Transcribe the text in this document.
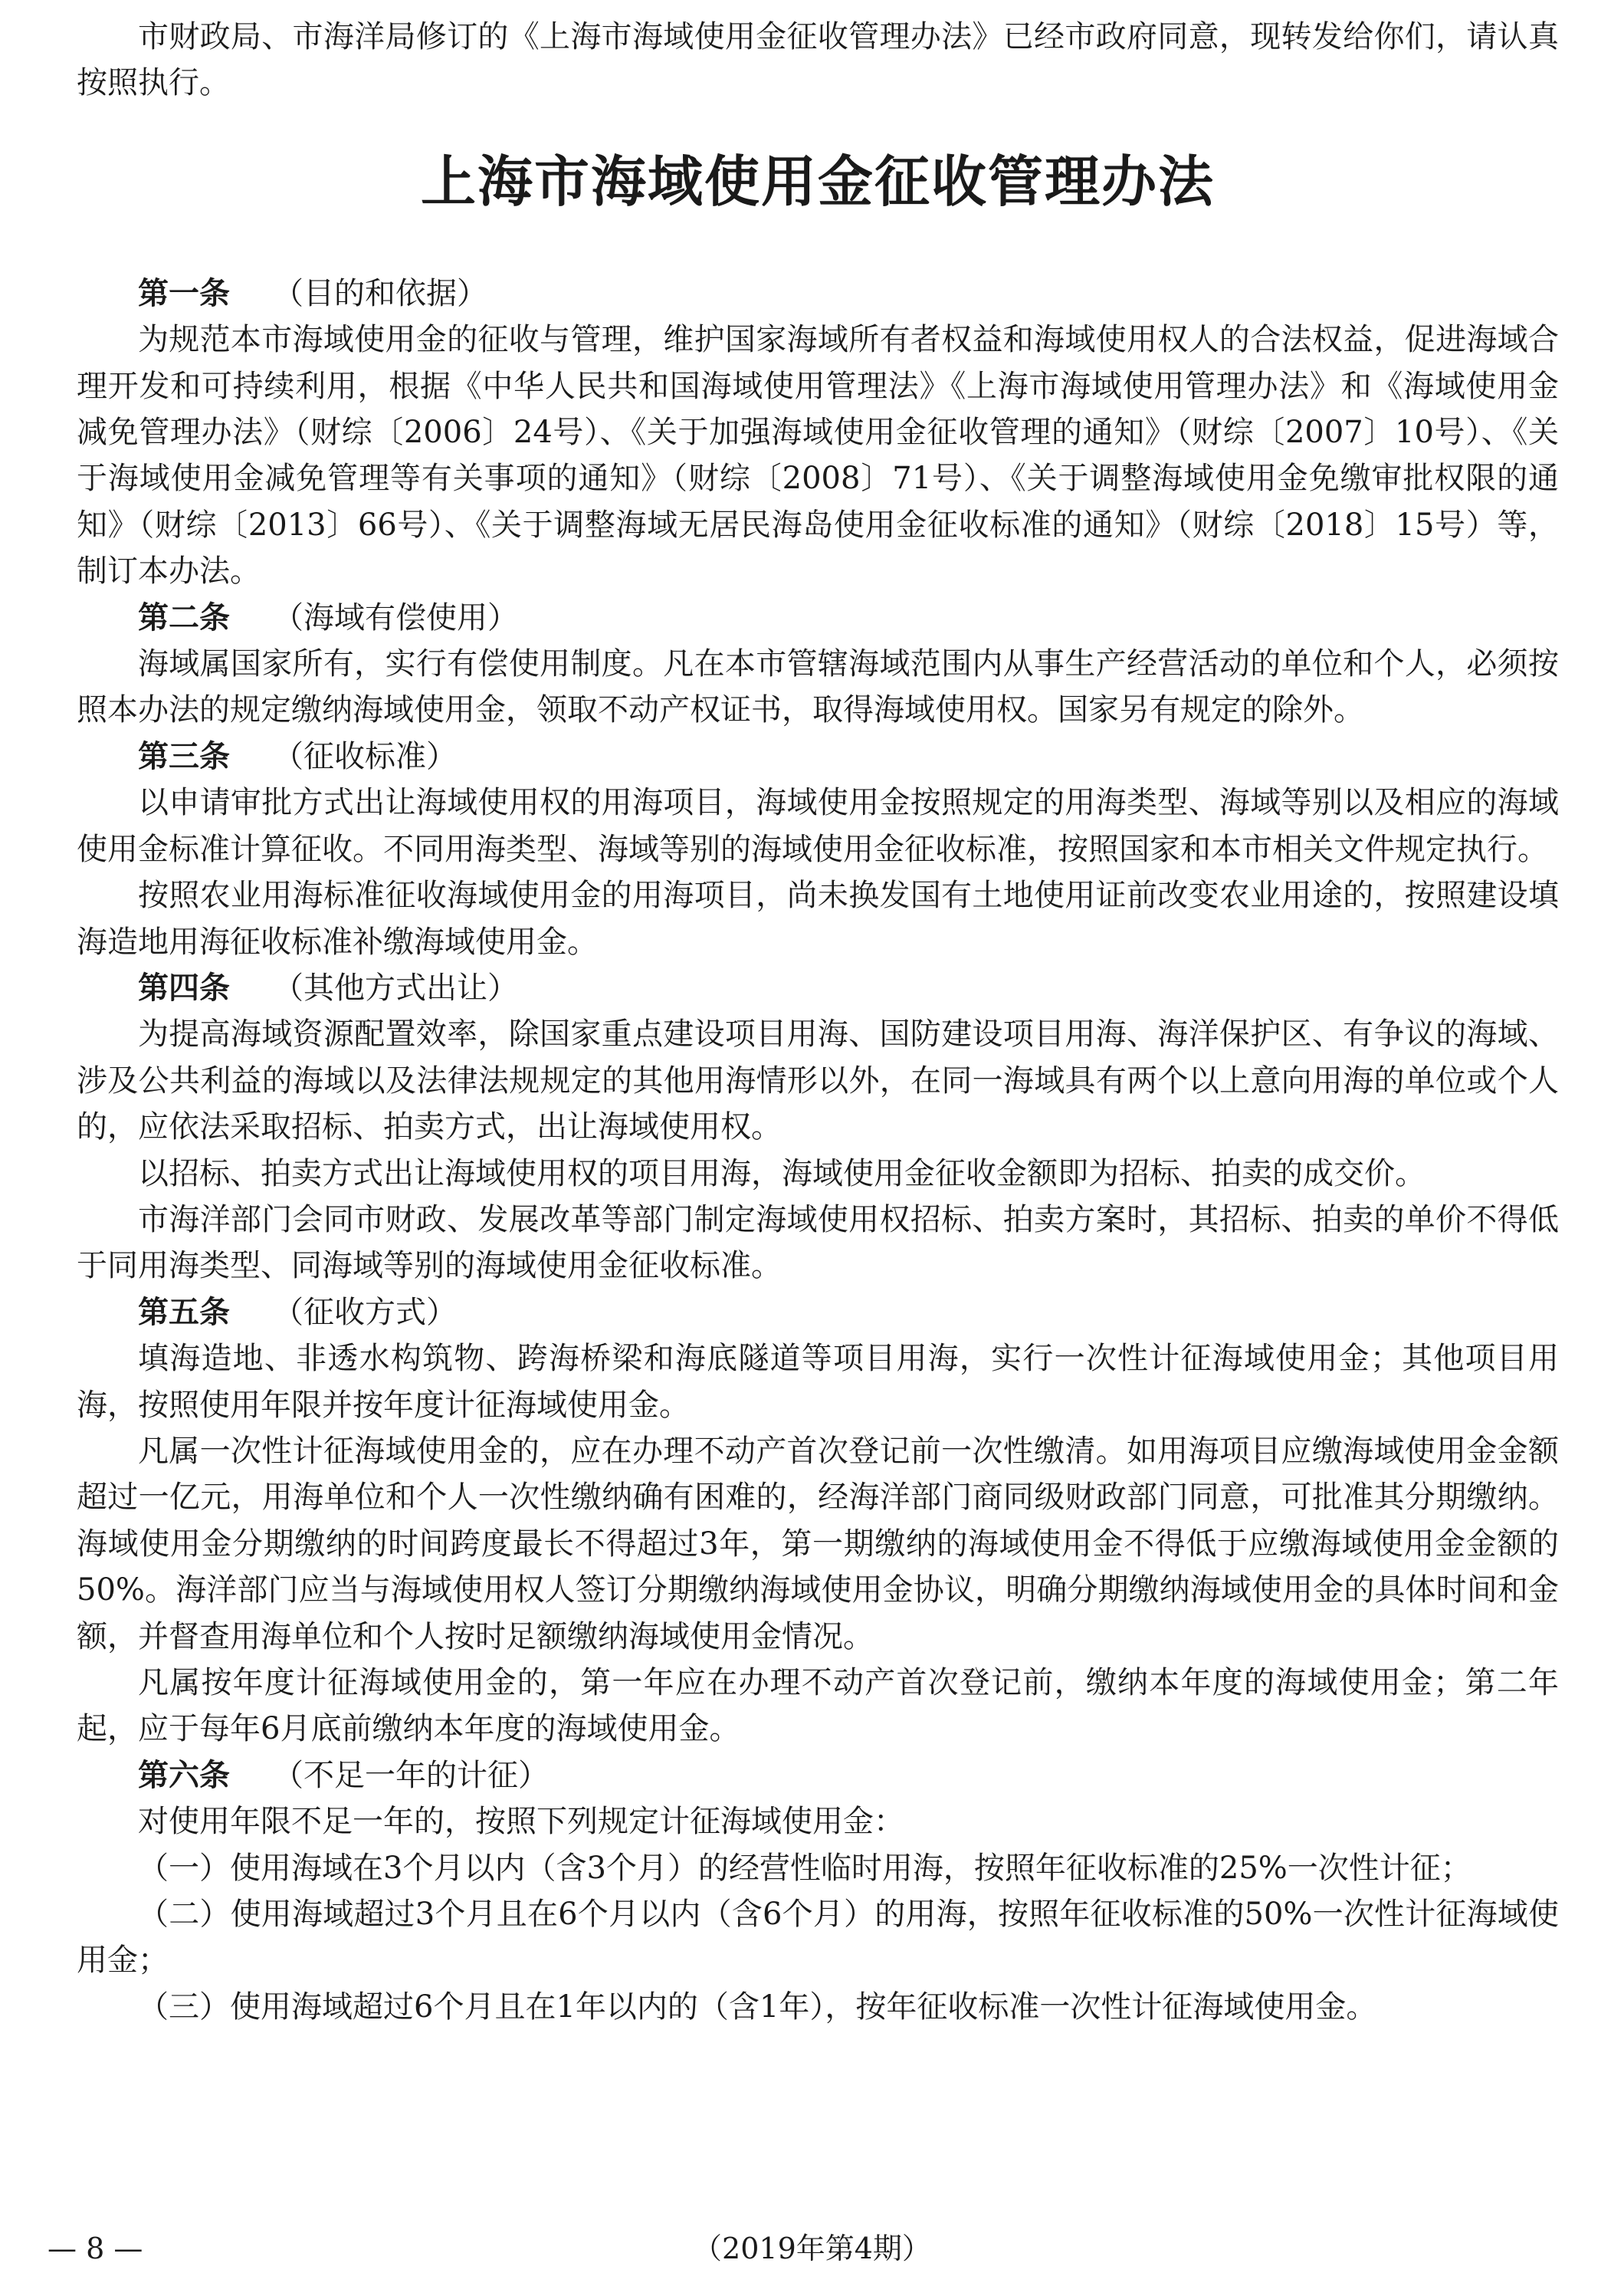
市财政局、市海洋局修订的《上海市海域使用金征收管理办法》已经市政府同意，现转发给你们，请认真按照执行。

上海市海域使用金征收管理办法

第一条 （目的和依据）

为规范本市海域使用金的征收与管理，维护国家海域所有者权益和海域使用权人的合法权益，促进海域合理开发和可持续利用，根据《中华人民共和国海域使用管理法》《上海市海域使用管理办法》和《海域使用金减免管理办法》（财综〔2006〕24号）、《关于加强海域使用金征收管理的通知》（财综〔2007〕10号）、《关于海域使用金减免管理等有关事项的通知》（财综〔2008〕71号）、《关于调整海域使用金免缴审批权限的通知》（财综〔2013〕66号）、《关于调整海域无居民海岛使用金征收标准的通知》（财综〔2018〕15号）等，制订本办法。

第二条 （海域有偿使用）

海域属国家所有，实行有偿使用制度。凡在本市管辖海域范围内从事生产经营活动的单位和个人，必须按照本办法的规定缴纳海域使用金，领取不动产权证书，取得海域使用权。国家另有规定的除外。

第三条 （征收标准）

以申请审批方式出让海域使用权的用海项目，海域使用金按照规定的用海类型、海域等别以及相应的海域使用金标准计算征收。不同用海类型、海域等别的海域使用金征收标准，按照国家和本市相关文件规定执行。

按照农业用海标准征收海域使用金的用海项目，尚未换发国有土地使用证前改变农业用途的，按照建设填海造地用海征收标准补缴海域使用金。

第四条 （其他方式出让）

为提高海域资源配置效率，除国家重点建设项目用海、国防建设项目用海、海洋保护区、有争议的海域、涉及公共利益的海域以及法律法规规定的其他用海情形以外，在同一海域具有两个以上意向用海的单位或个人的，应依法采取招标、拍卖方式，出让海域使用权。

以招标、拍卖方式出让海域使用权的项目用海，海域使用金征收金额即为招标、拍卖的成交价。

市海洋部门会同市财政、发展改革等部门制定海域使用权招标、拍卖方案时，其招标、拍卖的单价不得低于同用海类型、同海域等别的海域使用金征收标准。

第五条 （征收方式）

填海造地、非透水构筑物、跨海桥梁和海底隧道等项目用海，实行一次性计征海域使用金；其他项目用海，按照使用年限并按年度计征海域使用金。

凡属一次性计征海域使用金的，应在办理不动产首次登记前一次性缴清。如用海项目应缴海域使用金金额超过一亿元，用海单位和个人一次性缴纳确有困难的，经海洋部门商同级财政部门同意，可批准其分期缴纳。海域使用金分期缴纳的时间跨度最长不得超过3年，第一期缴纳的海域使用金不得低于应缴海域使用金金额的50%。海洋部门应当与海域使用权人签订分期缴纳海域使用金协议，明确分期缴纳海域使用金的具体时间和金额，并督查用海单位和个人按时足额缴纳海域使用金情况。

凡属按年度计征海域使用金的，第一年应在办理不动产首次登记前，缴纳本年度的海域使用金；第二年起，应于每年6月底前缴纳本年度的海域使用金。

第六条 （不足一年的计征）

对使用年限不足一年的，按照下列规定计征海域使用金：

（一）使用海域在3个月以内（含3个月）的经营性临时用海，按照年征收标准的25%一次性计征；

（二）使用海域超过3个月且在6个月以内（含6个月）的用海，按照年征收标准的50%一次性计征海域使用金；

（三）使用海域超过6个月且在1年以内的（含1年），按年征收标准一次性计征海域使用金。

— 8 —	（2019年第4期）
